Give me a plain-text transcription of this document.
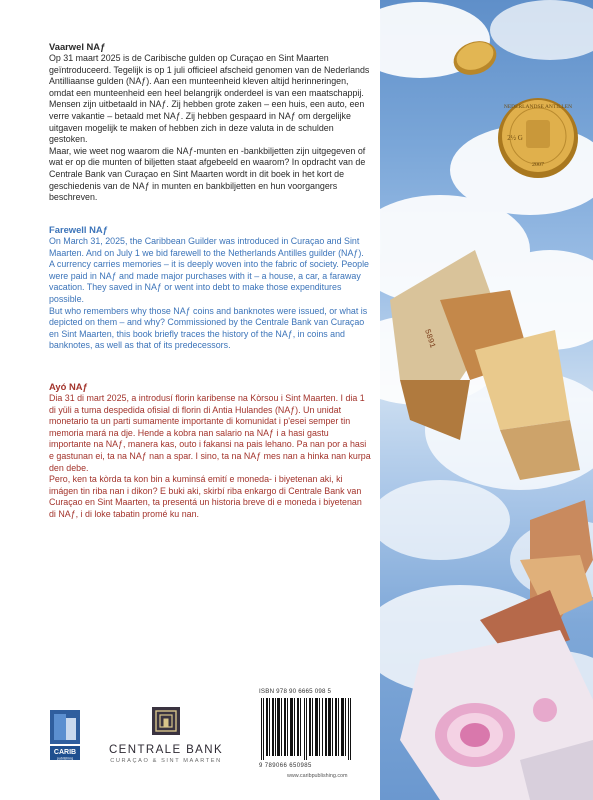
Vaarwel NAƒ

Op 31 maart 2025 is de Caribische gulden op Curaçao en Sint Maarten geïntroduceerd. Tegelijk is op 1 juli officieel afscheid genomen van de Nederlands Antilliaanse gulden (NAƒ). Aan een munteenheid kleven altijd herinneringen, omdat een munteenheid een heel belangrijk onderdeel is van een maatschappij. Mensen zijn uitbetaald in NAƒ. Zij hebben grote zaken – een huis, een auto, een verre vakantie – betaald met NAƒ. Zij hebben gespaard in NAƒ om dergelijke uitgaven mogelijk te maken of hebben zich in deze valuta in de schulden gestoken.

Maar, wie weet nog waarom die NAƒ-munten en -bankbiljetten zijn uitgegeven of wat er op die munten of biljetten staat afgebeeld en waarom? In opdracht van de Centrale Bank van Curaçao en Sint Maarten wordt in dit boek in het kort de geschiedenis van de NAƒ in munten en bankbiljetten en hun voorgangers beschreven.

Farewell NAƒ

On March 31, 2025, the Caribbean Guilder was introduced in Curaçao and Sint Maarten. And on July 1 we bid farewell to the Netherlands Antilles guilder (NAƒ). A currency carries memories – it is deeply woven into the fabric of society. People were paid in NAƒ and made major purchases with it – a house, a car, a faraway vacation. They saved in NAƒ or went into debt to make those expenditures possible.

But who remembers why those NAƒ coins and banknotes were issued, or what is depicted on them – and why? Commissioned by the Centrale Bank van Curaçao en Sint Maarten, this book briefly traces the history of the NAƒ, in coins and banknotes, as well as that of its predecessors.

Ayó NAƒ

Dia 31 di mart 2025, a introdusí florin karibense na Kòrsou i Sint Maarten. I dia 1 di yüli a tuma despedida ofisial di florin di Antia Hulandes (NAƒ). Un unidat monetario ta un parti sumamente importante di komunidat i p'esei semper tin memoria mará na dje. Hende a kobra nan salario na NAƒ i a hasi gastu importante na NAƒ, manera kas, outo i fakansi na pais lehano. Pa nan por a hasi e gastunan ei, ta na NAƒ nan a spar. I sino, ta na NAƒ mes nan a hinka nan kurpa den debe.

Pero, ken ta kòrda ta kon bin a kuminsá emití e moneda- i biyetenan aki, ki imágen tin riba nan i dikon? E buki aki, skirbí riba enkargo di Centrale Bank van Curaçao en Sint Maarten, ta presentá un historia breve di e moneda i biyetenan di NAƒ, i di loke tabatin promé ku nan.

CARIB
publishing
CENTRALE BANK
CURAÇAO & SINT MAARTEN
ISBN 978 90 6665 098 5
9 789066 650985
www.caribpublishing.com
NEDERLANDSE ANTILLEN
2½ G
2007
5891
